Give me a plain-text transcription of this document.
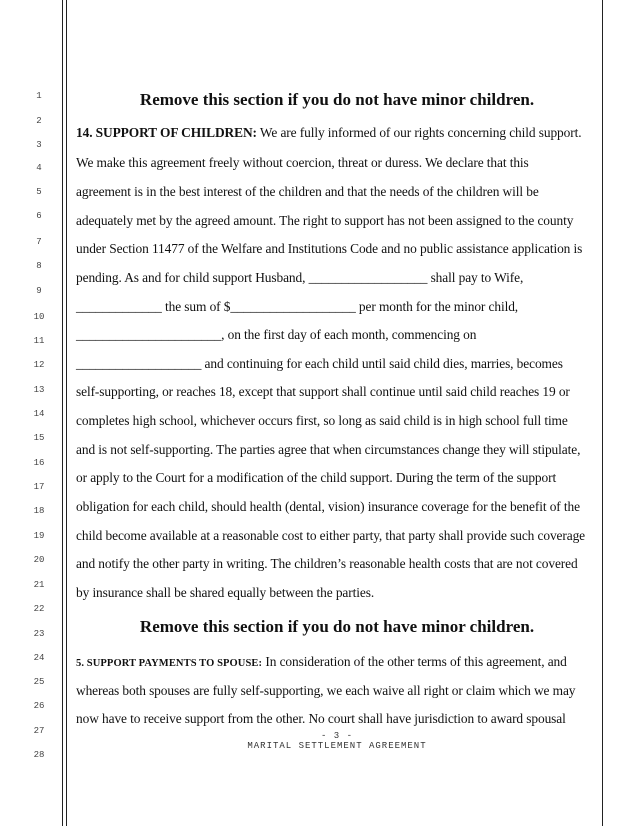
1
2
3
4
5
6
7
8
9
10
11
12
13
14
15
16
17
18
19
20
21
22
23
24
25
26
27
28
Remove this section if you do not have minor children.
14. SUPPORT OF CHILDREN: We are fully informed of our rights concerning child support.
We make this agreement freely without coercion, threat or duress. We declare that this
agreement is in the best interest of the children and that the needs of the children will be
adequately met by the agreed amount. The right to support has not been assigned to the county
under Section 11477 of the Welfare and Institutions Code and no public assistance application is
pending. As and for child support Husband, __________________ shall pay to Wife,
_____________ the sum of $___________________ per month for the minor child,
______________________, on the first day of each month, commencing on
___________________ and continuing for each child until said child dies, marries, becomes
self-supporting, or reaches 18, except that support shall continue until said child reaches 19 or
completes high school, whichever occurs first, so long as said child is in high school full time
and is not self-supporting. The parties agree that when circumstances change they will stipulate,
or apply to the Court for a modification of the child support. During the term of the support
obligation for each child, should health (dental, vision) insurance coverage for the benefit of the
child become available at a reasonable cost to either party, that party shall provide such coverage
and notify the other party in writing. The children’s reasonable health costs that are not covered
by insurance shall be shared equally between the parties.
Remove this section if you do not have minor children.
5. SUPPORT PAYMENTS TO SPOUSE: In consideration of the other terms of this agreement, and
whereas both spouses are fully self-supporting, we each waive all right or claim which we may
now have to receive support from the other. No court shall have jurisdiction to award spousal
- 3 -
MARITAL SETTLEMENT AGREEMENT
